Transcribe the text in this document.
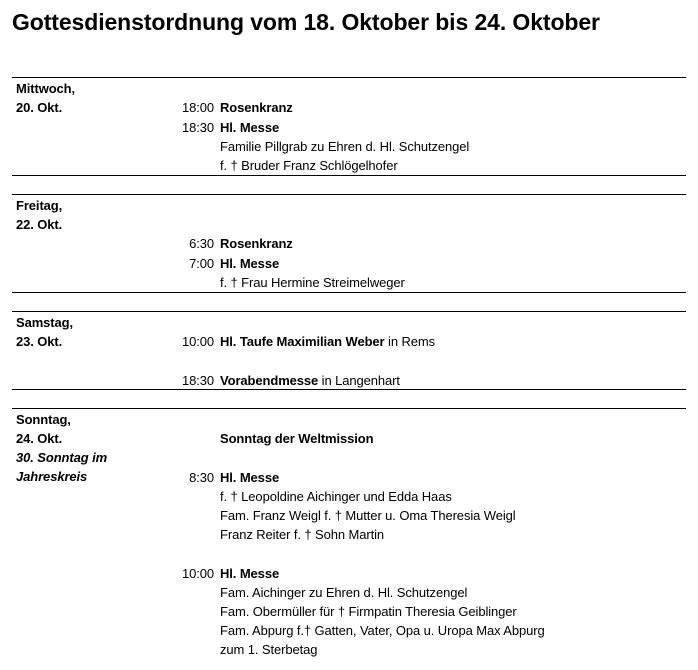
Gottesdienstordnung vom 18. Oktober bis 24. Oktober
Mittwoch,
20. Okt.	18:00 Rosenkranz
18:30 Hl. Messe
Familie Pillgrab zu Ehren d. Hl. Schutzengel
f. † Bruder Franz Schlögelhofer
Freitag,
22. Okt.
6:30 Rosenkranz
7:00 Hl. Messe
f. † Frau Hermine Streimelweger
Samstag,
23. Okt.	10:00 Hl. Taufe Maximilian Weber in Rems
18:30 Vorabendmesse in Langenhart
Sonntag,
24. Okt.
30. Sonntag im
Jahreskreis
Sonntag der Weltmission
8:30 Hl. Messe
f. † Leopoldine Aichinger und Edda Haas
Fam. Franz Weigl f. † Mutter u. Oma Theresia Weigl
Franz Reiter f. † Sohn Martin
10:00 Hl. Messe
Fam. Aichinger zu Ehren d. Hl. Schutzengel
Fam. Obermüller für † Firmpatin Theresia Geiblinger
Fam. Abpurg f.† Gatten, Vater, Opa u. Uropa Max Abpurg
zum 1. Sterbetag
